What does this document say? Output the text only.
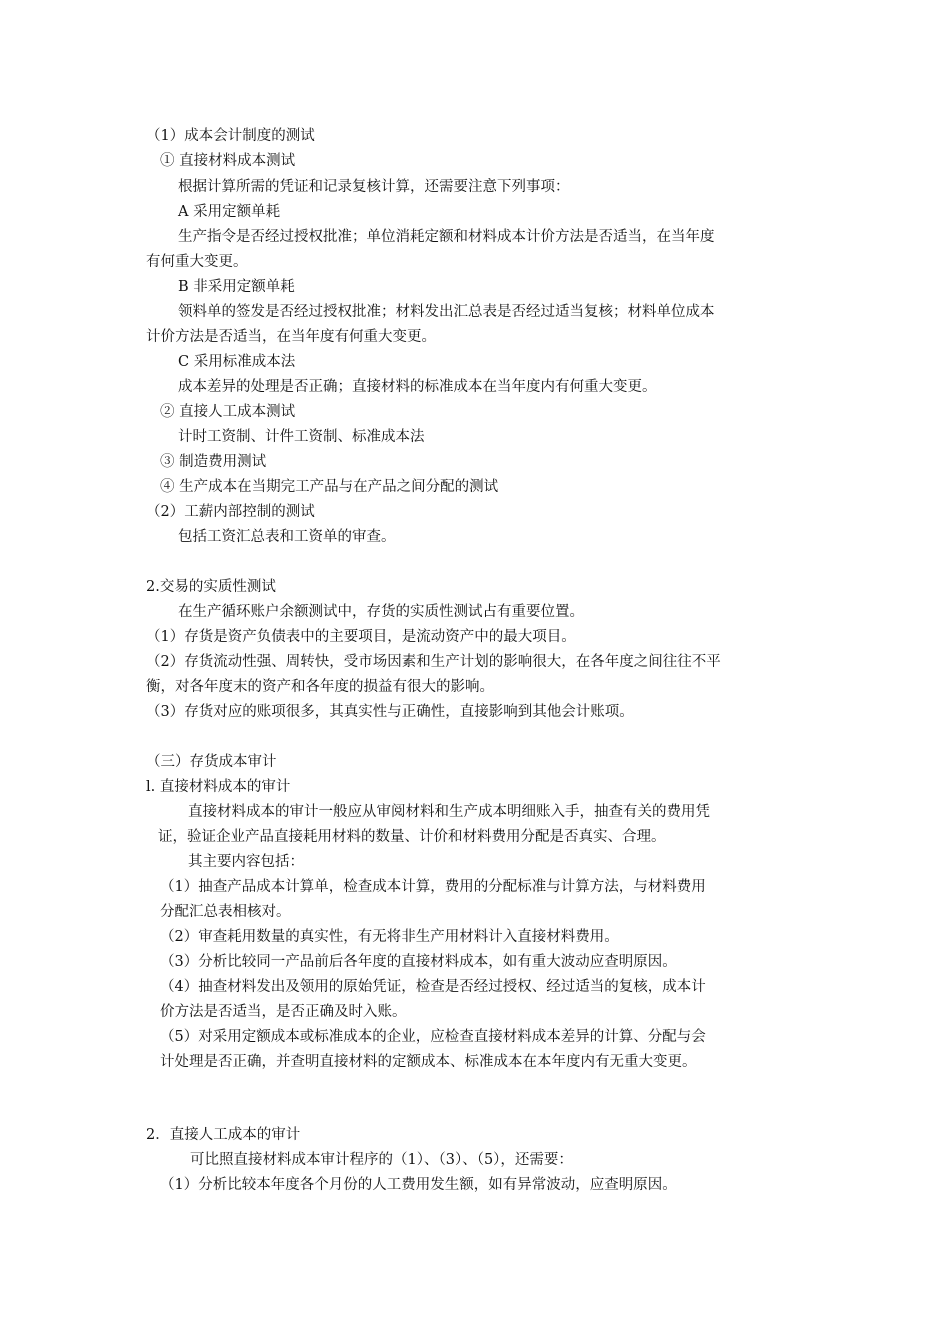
（1）成本会计制度的测试

① 直接材料成本测试

根据计算所需的凭证和记录复核计算，还需要注意下列事项：

A 采用定额单耗

生产指令是否经过授权批准；单位消耗定额和材料成本计价方法是否适当，在当年度

有何重大变更。

B 非采用定额单耗

领料单的签发是否经过授权批准；材料发出汇总表是否经过适当复核；材料单位成本

计价方法是否适当，在当年度有何重大变更。

C 采用标准成本法

成本差异的处理是否正确；直接材料的标准成本在当年度内有何重大变更。

② 直接人工成本测试

计时工资制、计件工资制、标准成本法

③ 制造费用测试

④ 生产成本在当期完工产品与在产品之间分配的测试

（2）工薪内部控制的测试

包括工资汇总表和工资单的审查。

2.交易的实质性测试

在生产循环账户余额测试中，存货的实质性测试占有重要位置。

（1）存货是资产负债表中的主要项目，是流动资产中的最大项目。

（2）存货流动性强、周转快，受市场因素和生产计划的影响很大，在各年度之间往往不平

衡，对各年度末的资产和各年度的损益有很大的影响。

（3）存货对应的账项很多，其真实性与正确性，直接影响到其他会计账项。

（三）存货成本审计

l. 直接材料成本的审计

直接材料成本的审计一般应从审阅材料和生产成本明细账入手，抽查有关的费用凭

证，验证企业产品直接耗用材料的数量、计价和材料费用分配是否真实、合理。

其主要内容包括：

（1）抽查产品成本计算单，检查成本计算，费用的分配标准与计算方法，与材料费用

分配汇总表相核对。

（2）审查耗用数量的真实性，有无将非生产用材料计入直接材料费用。

（3）分析比较同一产品前后各年度的直接材料成本，如有重大波动应查明原因。

（4）抽查材料发出及领用的原始凭证，检查是否经过授权、经过适当的复核，成本计

价方法是否适当，是否正确及时入账。

（5）对采用定额成本或标准成本的企业，应检查直接材料成本差异的计算、分配与会

计处理是否正确，并查明直接材料的定额成本、标准成本在本年度内有无重大变更。

2．直接人工成本的审计

可比照直接材料成本审计程序的（1）、（3）、（5），还需要：

（1）分析比较本年度各个月份的人工费用发生额，如有异常波动，应查明原因。
